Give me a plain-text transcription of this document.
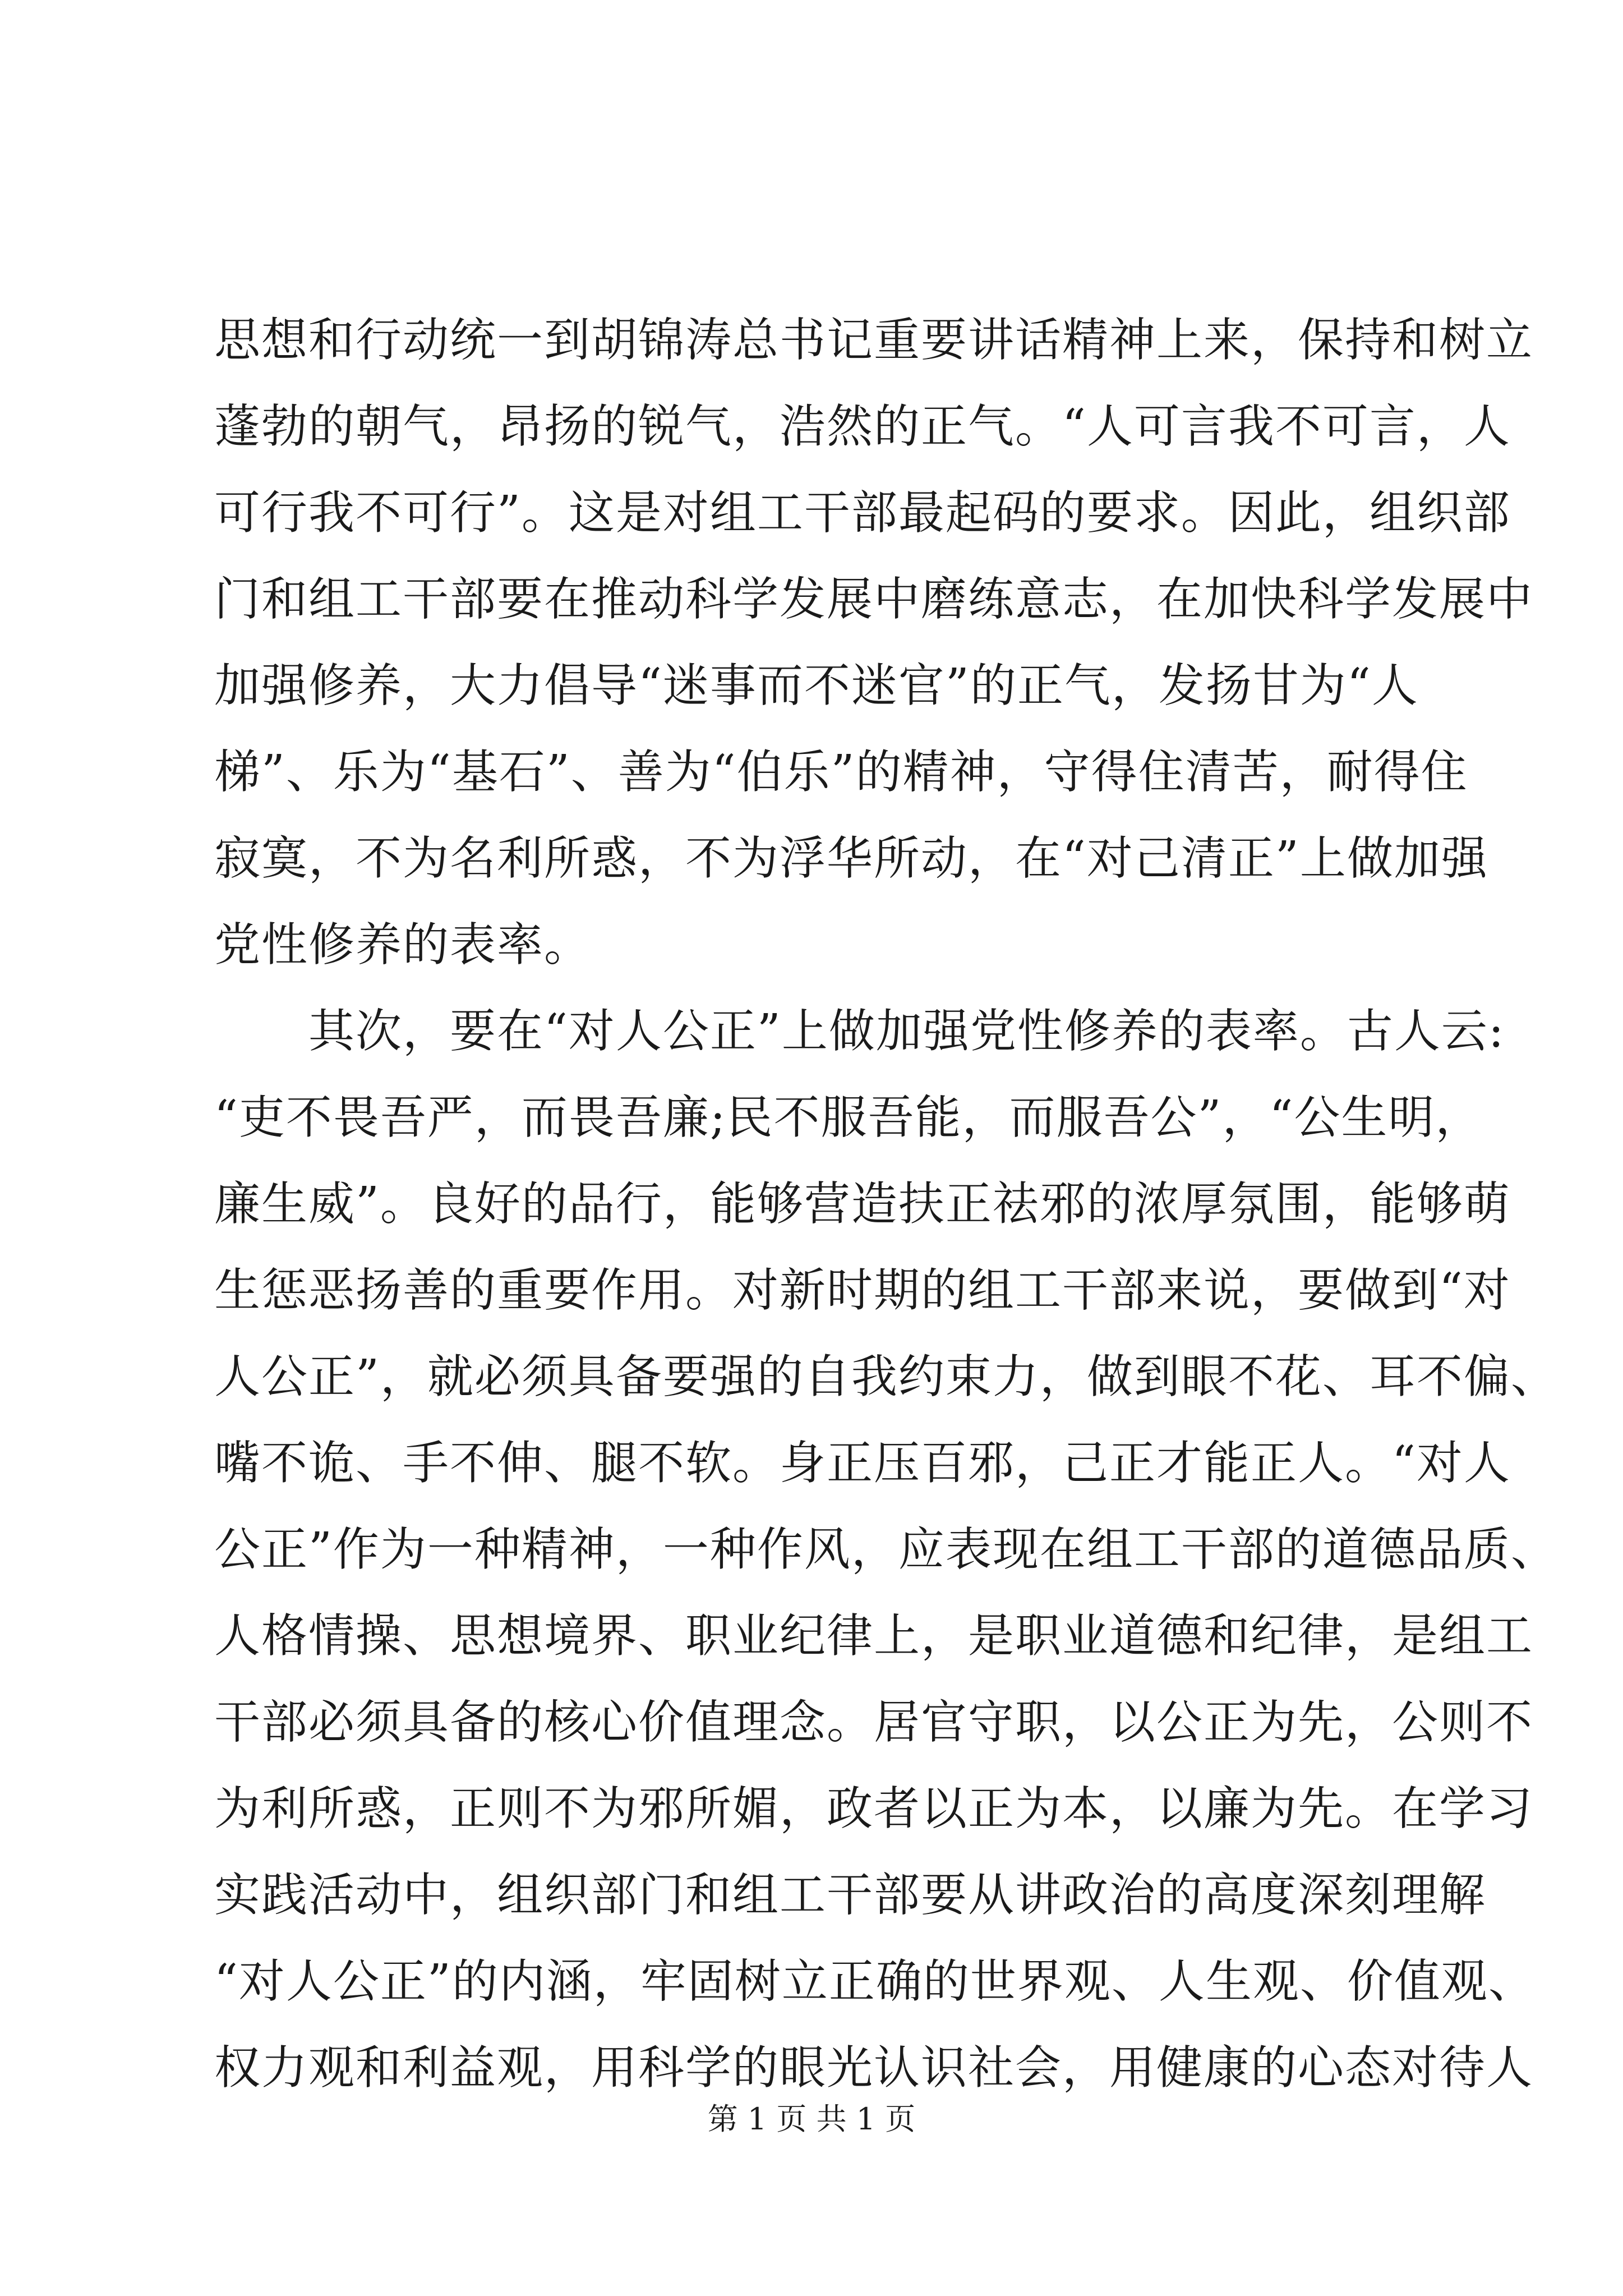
思想和行动统一到胡锦涛总书记重要讲话精神上来，保持和树立
蓬勃的朝气，昂扬的锐气，浩然的正气。“人可言我不可言，人
可行我不可行”。这是对组工干部最起码的要求。因此，组织部
门和组工干部要在推动科学发展中磨练意志，在加快科学发展中
加强修养，大力倡导“迷事而不迷官”的正气，发扬甘为“人
梯”、乐为“基石”、善为“伯乐”的精神，守得住清苦，耐得住
寂寞，不为名利所惑，不为浮华所动，在“对己清正”上做加强
党性修养的表率。
　　其次，要在“对人公正”上做加强党性修养的表率。古人云:
“吏不畏吾严，而畏吾廉;民不服吾能，而服吾公”，“公生明，
廉生威”。良好的品行，能够营造扶正祛邪的浓厚氛围，能够萌
生惩恶扬善的重要作用。对新时期的组工干部来说，要做到“对
人公正”，就必须具备要强的自我约束力，做到眼不花、耳不偏、
嘴不诡、手不伸、腿不软。身正压百邪，己正才能正人。“对人
公正”作为一种精神，一种作风，应表现在组工干部的道德品质、
人格情操、思想境界、职业纪律上，是职业道德和纪律，是组工
干部必须具备的核心价值理念。居官守职，以公正为先，公则不
为利所惑，正则不为邪所媚，政者以正为本，以廉为先。在学习
实践活动中，组织部门和组工干部要从讲政治的高度深刻理解
“对人公正”的内涵，牢固树立正确的世界观、人生观、价值观、
权力观和利益观，用科学的眼光认识社会，用健康的心态对待人
第 1 页 共 1 页
